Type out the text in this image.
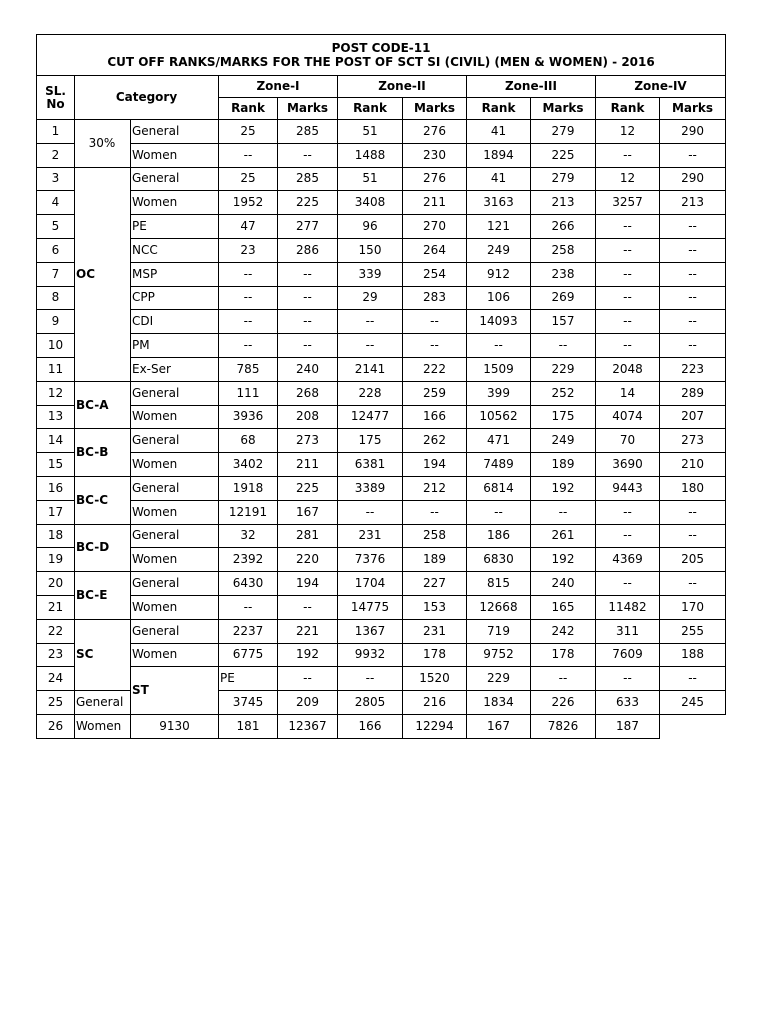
POST CODE-11
CUT OFF RANKS/MARKS FOR THE POST OF SCT SI (CIVIL) (MEN & WOMEN) - 2016											

SL. No	Category		Zone-I		Zone-II		Zone-III		Zone-IV		
			Rank	Marks	Rank	Marks	Rank	Marks	Rank	Marks	
1	30%	General	25	285	51	276	41	279	12	290	
2		Women	--	--	1488	230	1894	225	--	--	
3	OC	General	25	285	51	276	41	279	12	290	
4		Women	1952	225	3408	211	3163	213	3257	213	
5		PE	47	277	96	270	121	266	--	--	
6		NCC	23	286	150	264	249	258	--	--	
7		MSP	--	--	339	254	912	238	--	--	
8		CPP	--	--	29	283	106	269	--	--	
9		CDI	--	--	--	--	14093	157	--	--	
10		PM	--	--	--	--	--	--	--	--	
11		Ex-Ser	785	240	2141	222	1509	229	2048	223	
12	BC-A	General	111	268	228	259	399	252	14	289	
13		Women	3936	208	12477	166	10562	175	4074	207	
14	BC-B	General	68	273	175	262	471	249	70	273	
15		Women	3402	211	6381	194	7489	189	3690	210	
16	BC-C	General	1918	225	3389	212	6814	192	9443	180	
17		Women	12191	167	--	--	--	--	--	--	
18	BC-D	General	32	281	231	258	186	261	--	--	
19		Women	2392	220	7376	189	6830	192	4369	205	
20	BC-E	General	6430	194	1704	227	815	240	--	--	
21		Women	--	--	14775	153	12668	165	11482	170	
22	SC	General	2237	221	1367	231	719	242	311	255	
23		Women	6775	192	9932	178	9752	178	7609	188	
24		ST	PE	--	--	1520	229	--	--	--	
25	General		3745	209	2805	216	1834	226	633	245	
26	Women	9130	181	12367	166	12294	167	7826	187		
